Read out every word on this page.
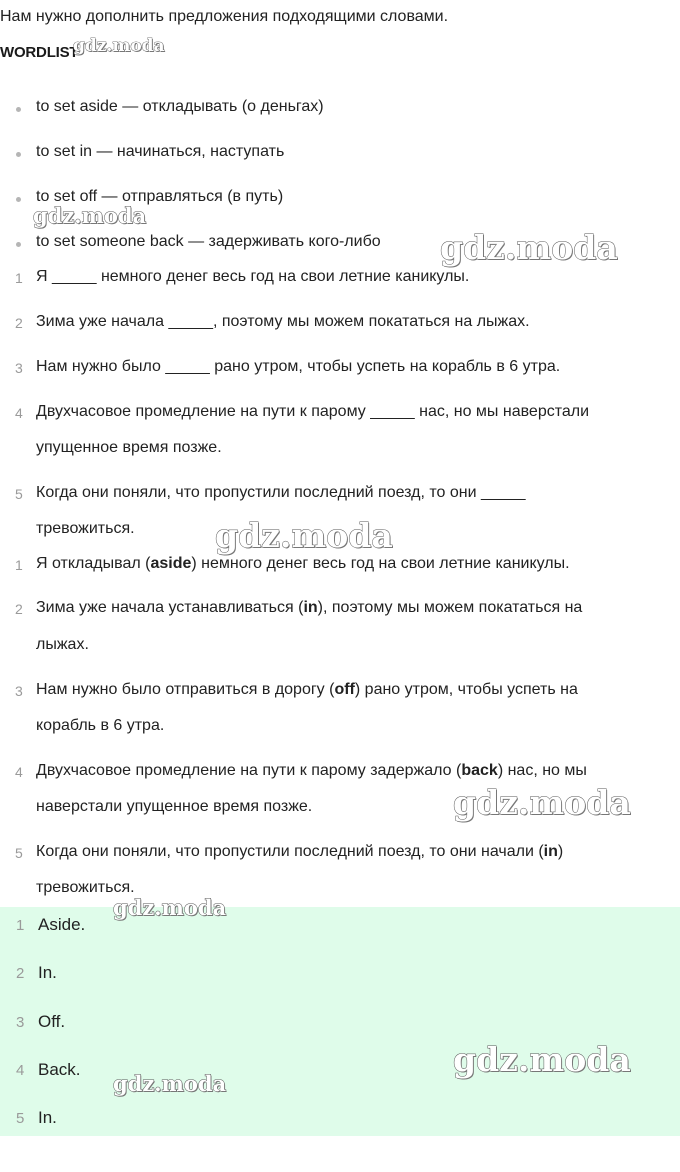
Нам нужно дополнить предложения подходящими словами.
WORDLIST
to set aside — откладывать (о деньгах)
to set in — начинаться, наступать
to set off — отправляться (в путь)
to set someone back — задерживать кого-либо
1 Я _____ немного денег весь год на свои летние каникулы.
2 Зима уже начала _____, поэтому мы можем покататься на лыжах.
3 Нам нужно было _____ рано утром, чтобы успеть на корабль в 6 утра.
4 Двухчасовое промедление на пути к парому _____ нас, но мы наверстали
упущенное время позже.
5 Когда они поняли, что пропустили последний поезд, то они _____
тревожиться.
1 Я откладывал (aside) немного денег весь год на свои летние каникулы.
2 Зима уже начала устанавливаться (in), поэтому мы можем покататься на
лыжах.
3 Нам нужно было отправиться в дорогу (off) рано утром, чтобы успеть на
корабль в 6 утра.
4 Двухчасовое промедление на пути к парому задержало (back) нас, но мы
наверстали упущенное время позже.
5 Когда они поняли, что пропустили последний поезд, то они начали (in)
тревожиться.
1 Aside.
2 In.
3 Off.
4 Back.
5 In.
gdz.moda
gdz.moda
gdz.moda
gdz.moda
gdz.moda
gdz.moda
gdz.moda
gdz.moda
